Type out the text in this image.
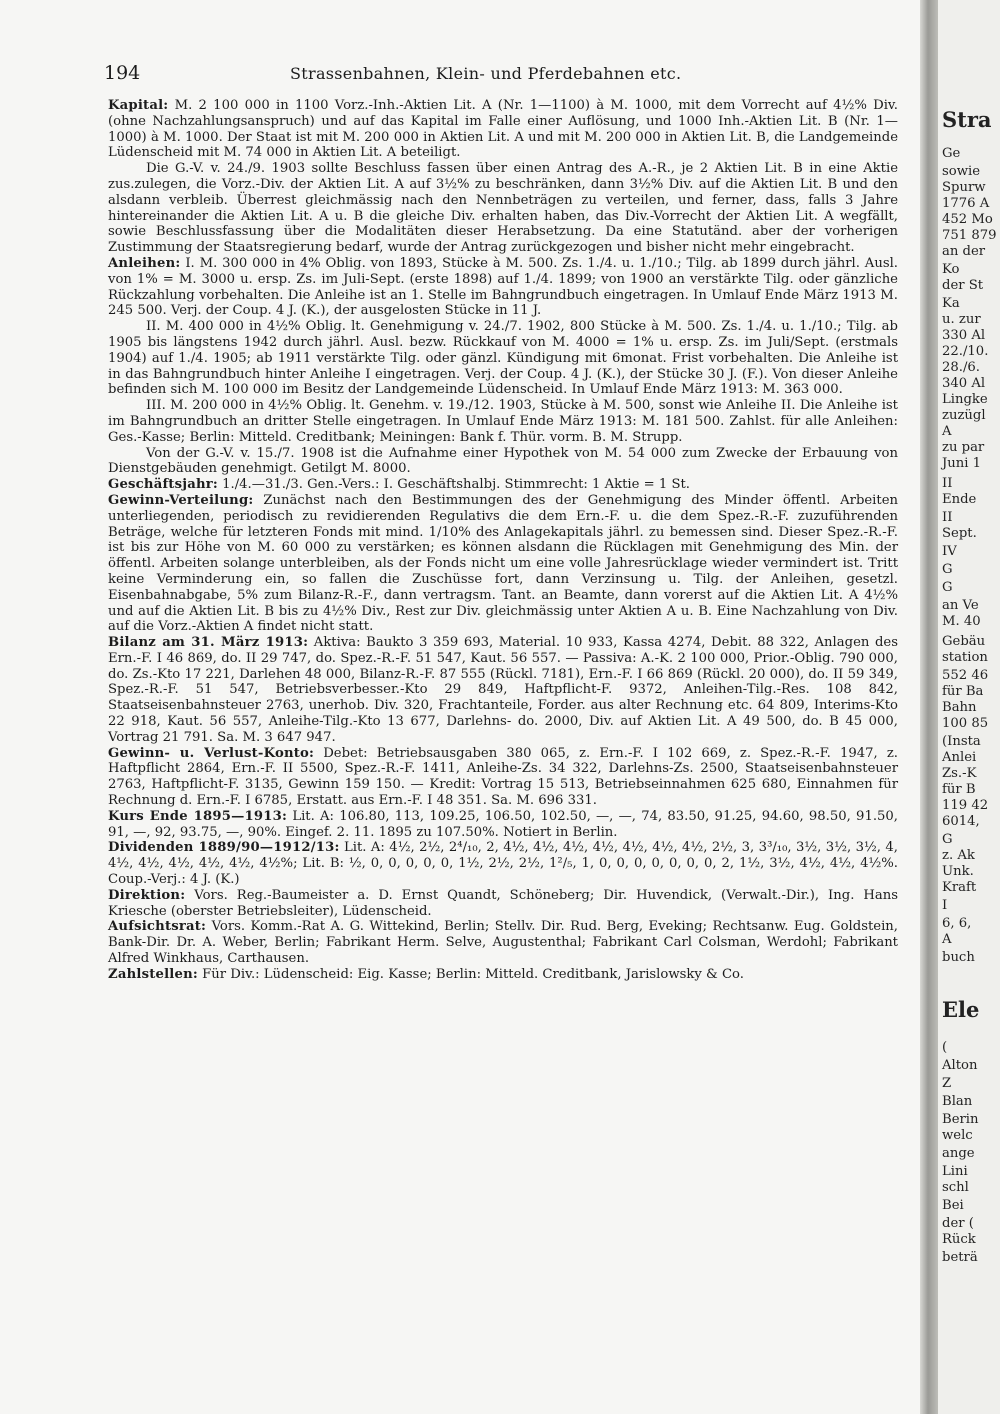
194	Strassenbahnen, Klein- und Pferdebahnen etc.

Kapital: M. 2 100 000 in 1100 Vorz.-Inh.-Aktien Lit. A (Nr. 1—1100) à M. 1000, mit dem Vorrecht auf 4½% Div. (ohne Nachzahlungsanspruch) und auf das Kapital im Falle einer Auflösung, und 1000 Inh.-Aktien Lit. B (Nr. 1—1000) à M. 1000. Der Staat ist mit M. 200 000 in Aktien Lit. A und mit M. 200 000 in Aktien Lit. B, die Landgemeinde Lüdenscheid mit M. 74 000 in Aktien Lit. A beteiligt.

Die G.-V. v. 24./9. 1903 sollte Beschluss fassen über einen Antrag des A.-R., je 2 Aktien Lit. B in eine Aktie zus.zulegen, die Vorz.-Div. der Aktien Lit. A auf 3½% zu beschränken, dann 3½% Div. auf die Aktien Lit. B und den alsdann verbleib. Überrest gleichmässig nach den Nennbeträgen zu verteilen, und ferner, dass, falls 3 Jahre hintereinander die Aktien Lit. A u. B die gleiche Div. erhalten haben, das Div.-Vorrecht der Aktien Lit. A wegfällt, sowie Beschlussfassung über die Modalitäten dieser Herabsetzung. Da eine Statutänd. aber der vorherigen Zustimmung der Staatsregierung bedarf, wurde der Antrag zurückgezogen und bisher nicht mehr eingebracht.

Anleihen: I. M. 300 000 in 4% Oblig. von 1893, Stücke à M. 500. Zs. 1./4. u. 1./10.; Tilg. ab 1899 durch jährl. Ausl. von 1% = M. 3000 u. ersp. Zs. im Juli-Sept. (erste 1898) auf 1./4. 1899; von 1900 an verstärkte Tilg. oder gänzliche Rückzahlung vorbehalten. Die Anleihe ist an 1. Stelle im Bahngrundbuch eingetragen. In Umlauf Ende März 1913 M. 245 500. Verj. der Coup. 4 J. (K.), der ausgelosten Stücke in 11 J.

II. M. 400 000 in 4½% Oblig. lt. Genehmigung v. 24./7. 1902, 800 Stücke à M. 500. Zs. 1./4. u. 1./10.; Tilg. ab 1905 bis längstens 1942 durch jährl. Ausl. bezw. Rückkauf von M. 4000 = 1% u. ersp. Zs. im Juli/Sept. (erstmals 1904) auf 1./4. 1905; ab 1911 verstärkte Tilg. oder gänzl. Kündigung mit 6monat. Frist vorbehalten. Die Anleihe ist in das Bahngrundbuch hinter Anleihe I eingetragen. Verj. der Coup. 4 J. (K.), der Stücke 30 J. (F.). Von dieser Anleihe befinden sich M. 100 000 im Besitz der Landgemeinde Lüdenscheid. In Umlauf Ende März 1913: M. 363 000.

III. M. 200 000 in 4½% Oblig. lt. Genehm. v. 19./12. 1903, Stücke à M. 500, sonst wie Anleihe II. Die Anleihe ist im Bahngrundbuch an dritter Stelle eingetragen. In Umlauf Ende März 1913: M. 181 500. Zahlst. für alle Anleihen: Ges.-Kasse; Berlin: Mitteld. Creditbank; Meiningen: Bank f. Thür. vorm. B. M. Strupp.

Von der G.-V. v. 15./7. 1908 ist die Aufnahme einer Hypothek von M. 54 000 zum Zwecke der Erbauung von Dienstgebäuden genehmigt. Getilgt M. 8000.

Geschäftsjahr: 1./4.—31./3. Gen.-Vers.: I. Geschäftshalbj. Stimmrecht: 1 Aktie = 1 St.

Gewinn-Verteilung: Zunächst nach den Bestimmungen des der Genehmigung des Minder öffentl. Arbeiten unterliegenden, periodisch zu revidierenden Regulativs die dem Ern.-F. u. die dem Spez.-R.-F. zuzuführenden Beträge, welche für letzteren Fonds mit mind. 1/10% des Anlagekapitals jährl. zu bemessen sind. Dieser Spez.-R.-F. ist bis zur Höhe von M. 60 000 zu verstärken; es können alsdann die Rücklagen mit Genehmigung des Min. der öffentl. Arbeiten solange unterbleiben, als der Fonds nicht um eine volle Jahresrücklage wieder vermindert ist. Tritt keine Verminderung ein, so fallen die Zuschüsse fort, dann Verzinsung u. Tilg. der Anleihen, gesetzl. Eisenbahnabgabe, 5% zum Bilanz-R.-F., dann vertragsm. Tant. an Beamte, dann vorerst auf die Aktien Lit. A 4½% und auf die Aktien Lit. B bis zu 4½% Div., Rest zur Div. gleichmässig unter Aktien A u. B. Eine Nachzahlung von Div. auf die Vorz.-Aktien A findet nicht statt.

Bilanz am 31. März 1913: Aktiva: Baukto 3 359 693, Material. 10 933, Kassa 4274, Debit. 88 322, Anlagen des Ern.-F. I 46 869, do. II 29 747, do. Spez.-R.-F. 51 547, Kaut. 56 557. — Passiva: A.-K. 2 100 000, Prior.-Oblig. 790 000, do. Zs.-Kto 17 221, Darlehen 48 000, Bilanz-R.-F. 87 555 (Rückl. 7181), Ern.-F. I 66 869 (Rückl. 20 000), do. II 59 349, Spez.-R.-F. 51 547, Betriebsverbesser.-Kto 29 849, Haftpflicht-F. 9372, Anleihen-Tilg.-Res. 108 842, Staatseisenbahnsteuer 2763, unerhob. Div. 320, Frachtanteile, Forder. aus alter Rechnung etc. 64 809, Interims-Kto 22 918, Kaut. 56 557, Anleihe-Tilg.-Kto 13 677, Darlehns- do. 2000, Div. auf Aktien Lit. A 49 500, do. B 45 000, Vortrag 21 791. Sa. M. 3 647 947.

Gewinn- u. Verlust-Konto: Debet: Betriebsausgaben 380 065, z. Ern.-F. I 102 669, z. Spez.-R.-F. 1947, z. Haftpflicht 2864, Ern.-F. II 5500, Spez.-R.-F. 1411, Anleihe-Zs. 34 322, Darlehns-Zs. 2500, Staatseisenbahnsteuer 2763, Haftpflicht-F. 3135, Gewinn 159 150. — Kredit: Vortrag 15 513, Betriebseinnahmen 625 680, Einnahmen für Rechnung d. Ern.-F. I 6785, Erstatt. aus Ern.-F. I 48 351. Sa. M. 696 331.

Kurs Ende 1895—1913: Lit. A: 106.80, 113, 109.25, 106.50, 102.50, —, —, 74, 83.50, 91.25, 94.60, 98.50, 91.50, 91, —, 92, 93.75, —, 90%. Eingef. 2. 11. 1895 zu 107.50%. Notiert in Berlin.

Dividenden 1889/90—1912/13: Lit. A: 4½, 2½, 2⁴/₁₀, 2, 4½, 4½, 4½, 4½, 4½, 4½, 4½, 2½, 3, 3³/₁₀, 3½, 3½, 3½, 4, 4½, 4½, 4½, 4½, 4½, 4½%; Lit. B: ½, 0, 0, 0, 0, 0, 1½, 2½, 2½, 1²/₅, 1, 0, 0, 0, 0, 0, 0, 0, 2, 1½, 3½, 4½, 4½, 4½%. Coup.-Verj.: 4 J. (K.)

Direktion: Vors. Reg.-Baumeister a. D. Ernst Quandt, Schöneberg; Dir. Huvendick, (Verwalt.-Dir.), Ing. Hans Kriesche (oberster Betriebsleiter), Lüdenscheid.

Aufsichtsrat: Vors. Komm.-Rat A. G. Wittekind, Berlin; Stellv. Dir. Rud. Berg, Eveking; Rechtsanw. Eug. Goldstein, Bank-Dir. Dr. A. Weber, Berlin; Fabrikant Herm. Selve, Augustenthal; Fabrikant Carl Colsman, Werdohl; Fabrikant Alfred Winkhaus, Carthausen.

Zahlstellen: Für Div.: Lüdenscheid: Eig. Kasse; Berlin: Mitteld. Creditbank, Jarislowsky & Co.

Stra
Ge
sowie
Spurw
1776 A
452 Mo
751 879
an der
Ko
der St
Ka
u. zur
330 Al
22./10.
28./6.
340 Al
Lingke
zuzügl
A
zu par
Juni 1
II
Ende
II
Sept.
IV
G
G
an Ve
M. 40
Gebäu
station
552 46
für Ba
Bahn
100 85
(Insta
Anlei
Zs.-K
für B
119 42
6014,
G
z. Ak
Unk.
Kraft
I
6, 6,
A
buch
Ele
(
Alton
Z
Blan
Berin
welc
ange
Lini
schl
Bei
der (
Rück
beträ
